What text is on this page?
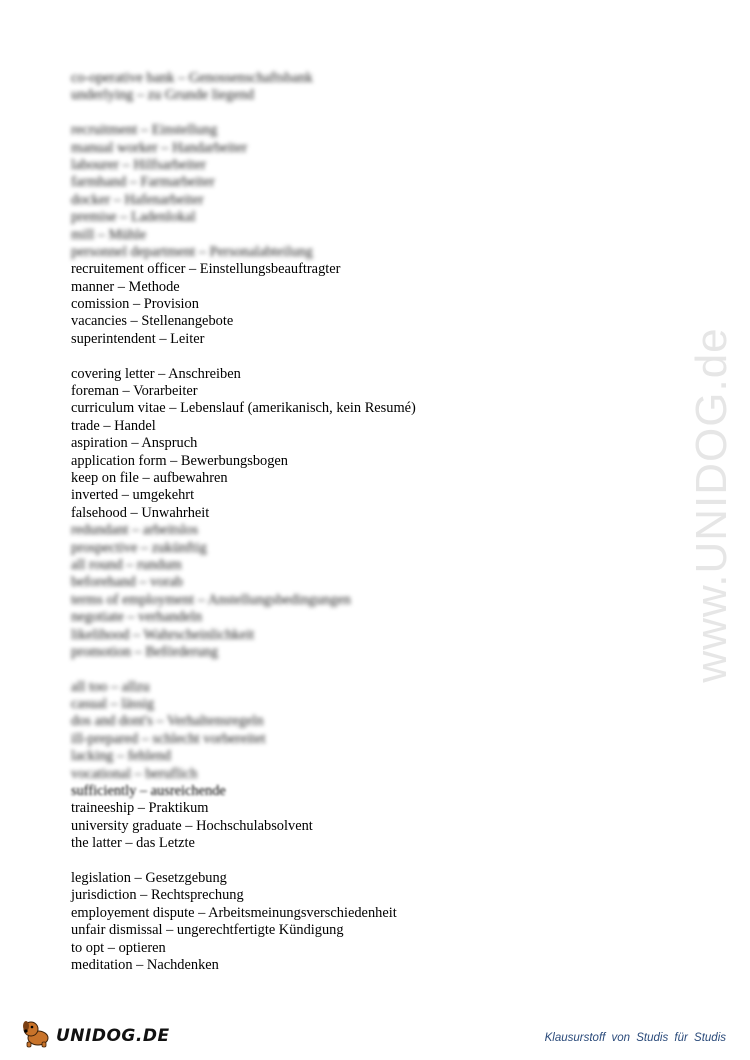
co-operative bank – Genossenschaftsbank
underlying – zu Grunde liegend
recruitment – Einstellung
manual worker – Handarbeiter
labourer – Hilfsarbeiter
farmhand – Farmarbeiter
docker – Hafenarbeiter
premise – Ladenlokal
mill – Mühle
personnel department – Personalabteilung
recruitement officer – Einstellungsbeauftragter
manner – Methode
comission – Provision
vacancies – Stellenangebote
superintendent – Leiter
covering letter – Anschreiben
foreman – Vorarbeiter
curriculum vitae – Lebenslauf (amerikanisch, kein Resumé)
trade – Handel
aspiration – Anspruch
application form – Bewerbungsbogen
keep on file – aufbewahren
inverted – umgekehrt
falsehood – Unwahrheit
redundant – arbeitslos
prospective – zukünftig
all round – rundum
beforehand – vorab
terms of employment – Anstellungsbedingungen
negotiate – verhandeln
likelihood – Wahrscheinlichkeit
promotion – Beförderung
all too – allzu
casual – lässig
dos and dont's – Verhaltensregeln
ill-prepared – schlecht vorbereitet
lacking – fehlend
vocational – beruflich
sufficiently – ausreichende
traineeship – Praktikum
university graduate – Hochschulabsolvent
the latter – das Letzte
legislation – Gesetzgebung
jurisdiction – Rechtsprechung
employement dispute – Arbeitsmeinungsverschiedenheit
unfair dismissal – ungerechtfertigte Kündigung
to opt – optieren
meditation – Nachdenken
www.UNIDOG.de
UNIDOG.DE	Klausurstoff von Studis für Studis
